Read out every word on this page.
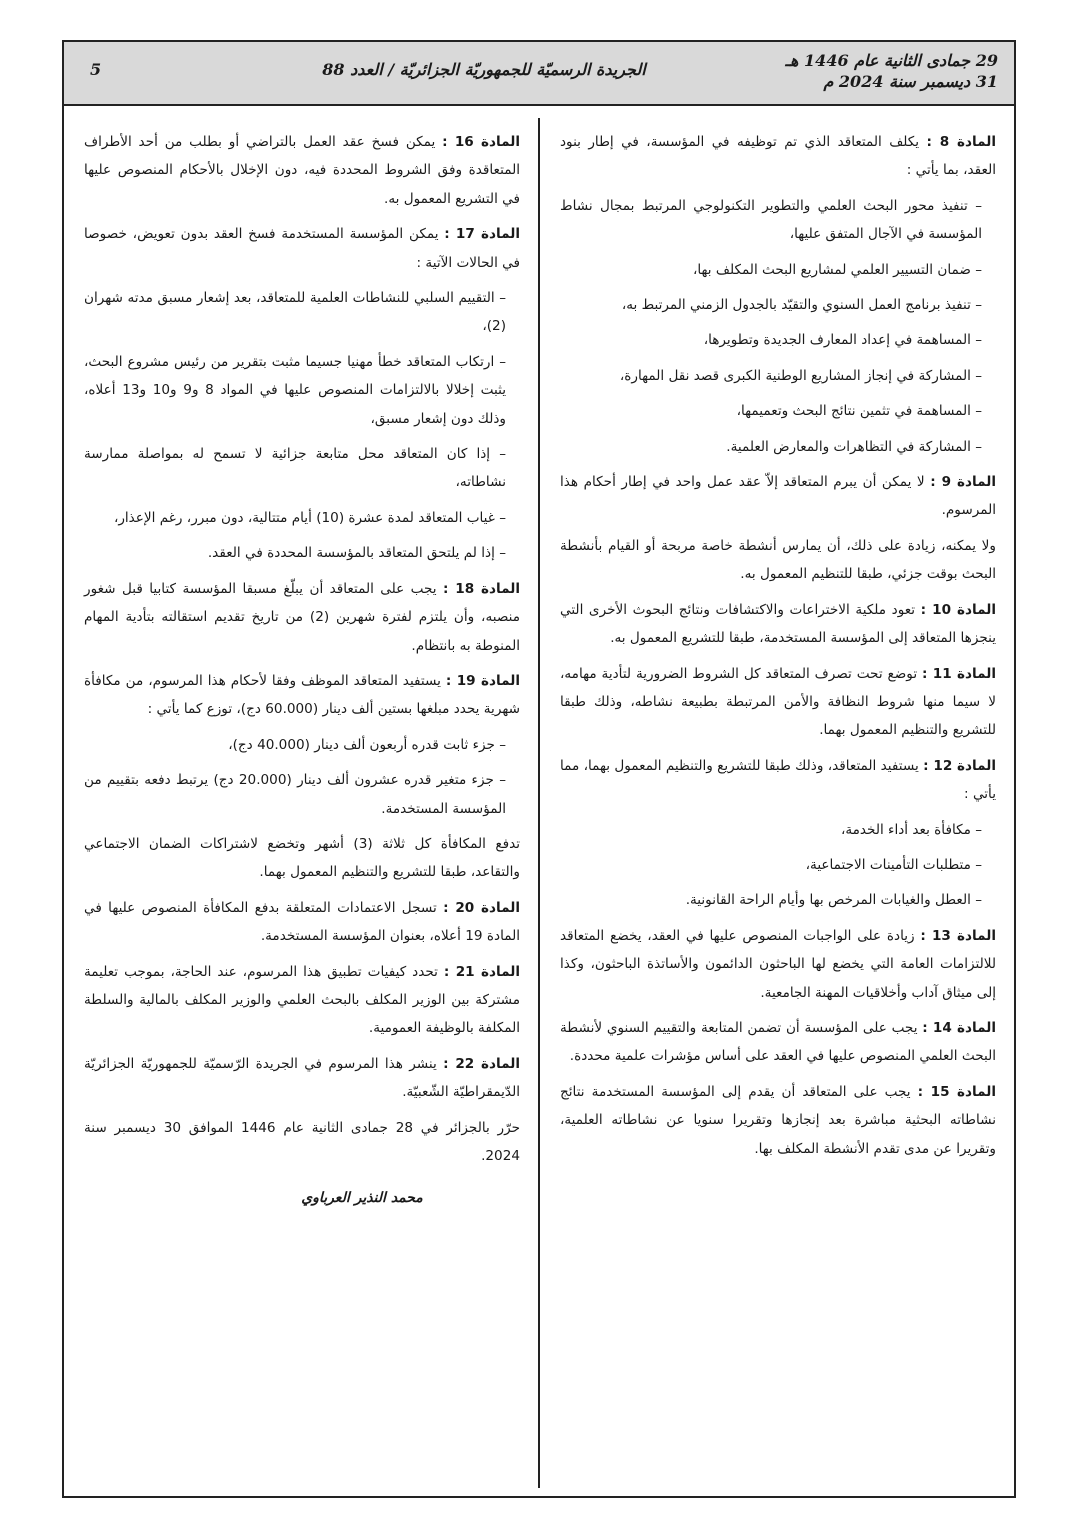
29 جمادى الثانية عام 1446 هـ
31 ديسمبر سنة 2024 م
الجريدة الرسميّة للجمهوريّة الجزائريّة / العدد 88
5
المادة 8 : يكلف المتعاقد الذي تم توظيفه في المؤسسة، في إطار بنود العقد، بما يأتي :
– تنفيذ محور البحث العلمي والتطوير التكنولوجي المرتبط بمجال نشاط المؤسسة في الآجال المتفق عليها،
– ضمان التسيير العلمي لمشاريع البحث المكلف بها،
– تنفيذ برنامج العمل السنوي والتقيّد بالجدول الزمني المرتبط به،
– المساهمة في إعداد المعارف الجديدة وتطويرها،
– المشاركة في إنجاز المشاريع الوطنية الكبرى قصد نقل المهارة،
– المساهمة في تثمين نتائج البحث وتعميمها،
– المشاركة في التظاهرات والمعارض العلمية.
المادة 9 : لا يمكن أن يبرم المتعاقد إلاّ عقد عمل واحد في إطار أحكام هذا المرسوم.
ولا يمكنه، زيادة على ذلك، أن يمارس أنشطة خاصة مربحة أو القيام بأنشطة البحث بوقت جزئي، طبقا للتنظيم المعمول به.
المادة 10 : تعود ملكية الاختراعات والاكتشافات ونتائج البحوث الأخرى التي ينجزها المتعاقد إلى المؤسسة المستخدمة، طبقا للتشريع المعمول به.
المادة 11 : توضع تحت تصرف المتعاقد كل الشروط الضرورية لتأدية مهامه، لا سيما منها شروط النظافة والأمن المرتبطة بطبيعة نشاطه، وذلك طبقا للتشريع والتنظيم المعمول بهما.
المادة 12 : يستفيد المتعاقد، وذلك طبقا للتشريع والتنظيم المعمول بهما، مما يأتي :
– مكافأة بعد أداء الخدمة،
– متطلبات التأمينات الاجتماعية،
– العطل والغيابات المرخص بها وأيام الراحة القانونية.
المادة 13 : زيادة على الواجبات المنصوص عليها في العقد، يخضع المتعاقد للالتزامات العامة التي يخضع لها الباحثون الدائمون والأساتذة الباحثون، وكذا إلى ميثاق آداب وأخلاقيات المهنة الجامعية.
المادة 14 : يجب على المؤسسة أن تضمن المتابعة والتقييم السنوي لأنشطة البحث العلمي المنصوص عليها في العقد على أساس مؤشرات علمية محددة.
المادة 15 : يجب على المتعاقد أن يقدم إلى المؤسسة المستخدمة نتائج نشاطاته البحثية مباشرة بعد إنجازها وتقريرا سنويا عن نشاطاته العلمية، وتقريرا عن مدى تقدم الأنشطة المكلف بها.
المادة 16 : يمكن فسخ عقد العمل بالتراضي أو بطلب من أحد الأطراف المتعاقدة وفق الشروط المحددة فيه، دون الإخلال بالأحكام المنصوص عليها في التشريع المعمول به.
المادة 17 : يمكن المؤسسة المستخدمة فسخ العقد بدون تعويض، خصوصا في الحالات الآتية :
– التقييم السلبي للنشاطات العلمية للمتعاقد، بعد إشعار مسبق مدته شهران (2)،
– ارتكاب المتعاقد خطأ مهنيا جسيما مثبت بتقرير من رئيس مشروع البحث، يثبت إخلالا بالالتزامات المنصوص عليها في المواد 8 و9 و10 و13 أعلاه، وذلك دون إشعار مسبق،
– إذا كان المتعاقد محل متابعة جزائية لا تسمح له بمواصلة ممارسة نشاطاته،
– غياب المتعاقد لمدة عشرة (10) أيام متتالية، دون مبرر، رغم الإعذار،
– إذا لم يلتحق المتعاقد بالمؤسسة المحددة في العقد.
المادة 18 : يجب على المتعاقد أن يبلّغ مسبقا المؤسسة كتابيا قبل شغور منصبه، وأن يلتزم لفترة شهرين (2) من تاريخ تقديم استقالته بتأدية المهام المنوطة به بانتظام.
المادة 19 : يستفيد المتعاقد الموظف وفقا لأحكام هذا المرسوم، من مكافأة شهرية يحدد مبلغها بستين ألف دينار (60.000 دج)، توزع كما يأتي :
– جزء ثابت قدره أربعون ألف دينار (40.000 دج)،
– جزء متغير قدره عشرون ألف دينار (20.000 دج) يرتبط دفعه بتقييم من المؤسسة المستخدمة.
تدفع المكافأة كل ثلاثة (3) أشهر وتخضع لاشتراكات الضمان الاجتماعي والتقاعد، طبقا للتشريع والتنظيم المعمول بهما.
المادة 20 : تسجل الاعتمادات المتعلقة بدفع المكافأة المنصوص عليها في المادة 19 أعلاه، بعنوان المؤسسة المستخدمة.
المادة 21 : تحدد كيفيات تطبيق هذا المرسوم، عند الحاجة، بموجب تعليمة مشتركة بين الوزير المكلف بالبحث العلمي والوزير المكلف بالمالية والسلطة المكلفة بالوظيفة العمومية.
المادة 22 : ينشر هذا المرسوم في الجريدة الرّسميّة للجمهوريّة الجزائريّة الدّيمقراطيّة الشّعبيّة.
حرّر بالجزائر في 28 جمادى الثانية عام 1446 الموافق 30 ديسمبر سنة 2024.
محمد النذير العرباوي
